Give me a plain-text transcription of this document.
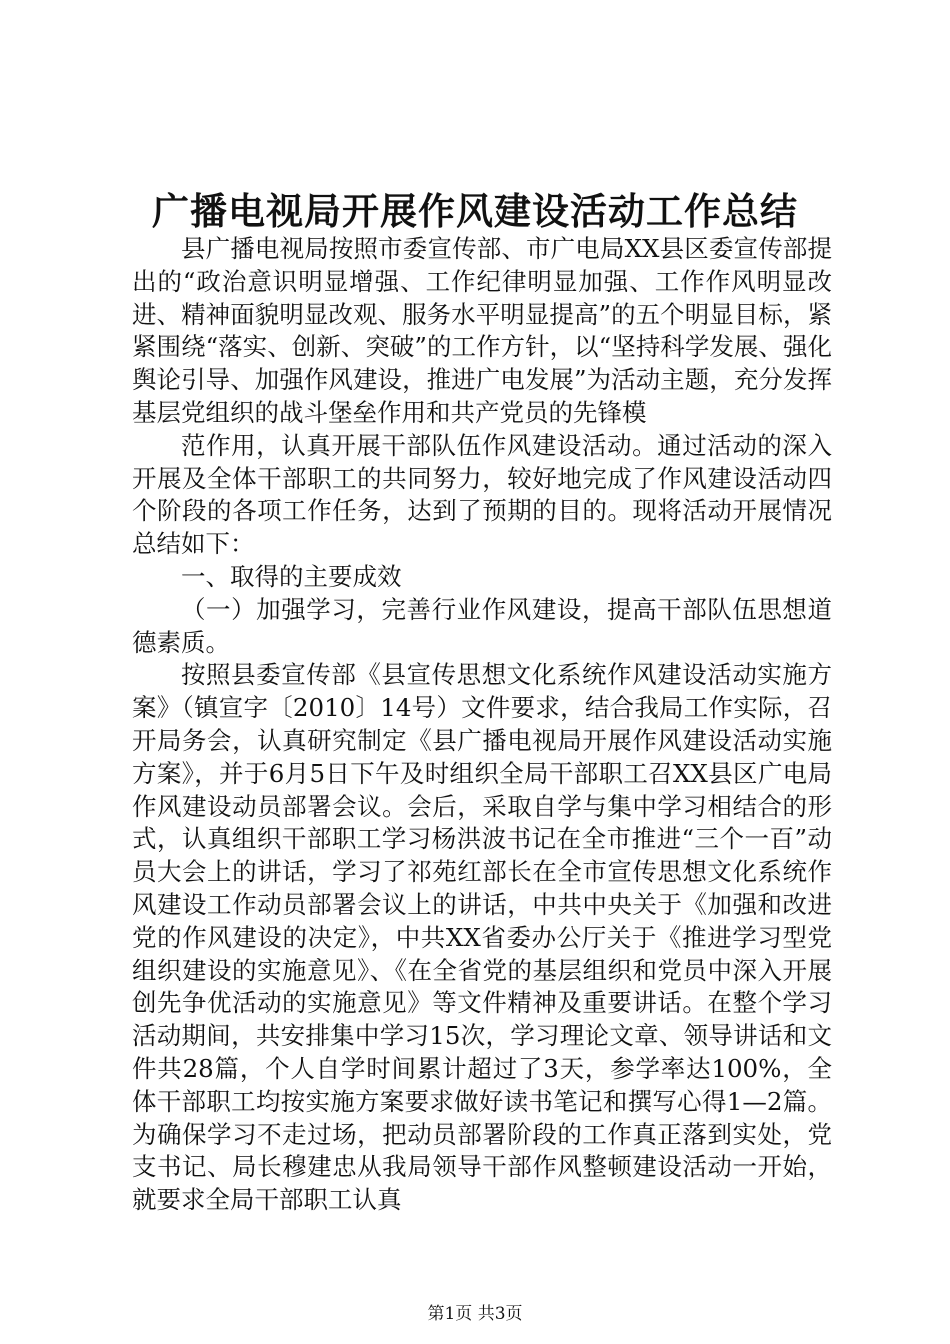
广播电视局开展作风建设活动工作总结

县广播电视局按照市委宣传部、市广电局XX县区委宣传部提出的“政治意识明显增强、工作纪律明显加强、工作作风明显改进、精神面貌明显改观、服务水平明显提高”的五个明显目标，紧紧围绕“落实、创新、突破”的工作方针，以“坚持科学发展、强化舆论引导、加强作风建设，推进广电发展”为活动主题，充分发挥基层党组织的战斗堡垒作用和共产党员的先锋模

范作用，认真开展干部队伍作风建设活动。通过活动的深入开展及全体干部职工的共同努力，较好地完成了作风建设活动四个阶段的各项工作任务，达到了预期的目的。现将活动开展情况总结如下：

一、取得的主要成效

（一）加强学习，完善行业作风建设，提高干部队伍思想道德素质。

按照县委宣传部《县宣传思想文化系统作风建设活动实施方案》（镇宣字〔2010〕14号）文件要求，结合我局工作实际，召开局务会，认真研究制定《县广播电视局开展作风建设活动实施方案》，并于6月5日下午及时组织全局干部职工召XX县区广电局作风建设动员部署会议。会后，采取自学与集中学习相结合的形式，认真组织干部职工学习杨洪波书记在全市推进“三个一百”动员大会上的讲话，学习了祁苑红部长在全市宣传思想文化系统作风建设工作动员部署会议上的讲话，中共中央关于《加强和改进党的作风建设的决定》，中共XX省委办公厅关于《推进学习型党组织建设的实施意见》、《在全省党的基层组织和党员中深入开展创先争优活动的实施意见》等文件精神及重要讲话。在整个学习活动期间，共安排集中学习15次，学习理论文章、领导讲话和文件共28篇，个人自学时间累计超过了3天，参学率达100%，全体干部职工均按实施方案要求做好读书笔记和撰写心得1—2篇。为确保学习不走过场，把动员部署阶段的工作真正落到实处，党支书记、局长穆建忠从我局领导干部作风整顿建设活动一开始，就要求全局干部职工认真

第1页 共3页
